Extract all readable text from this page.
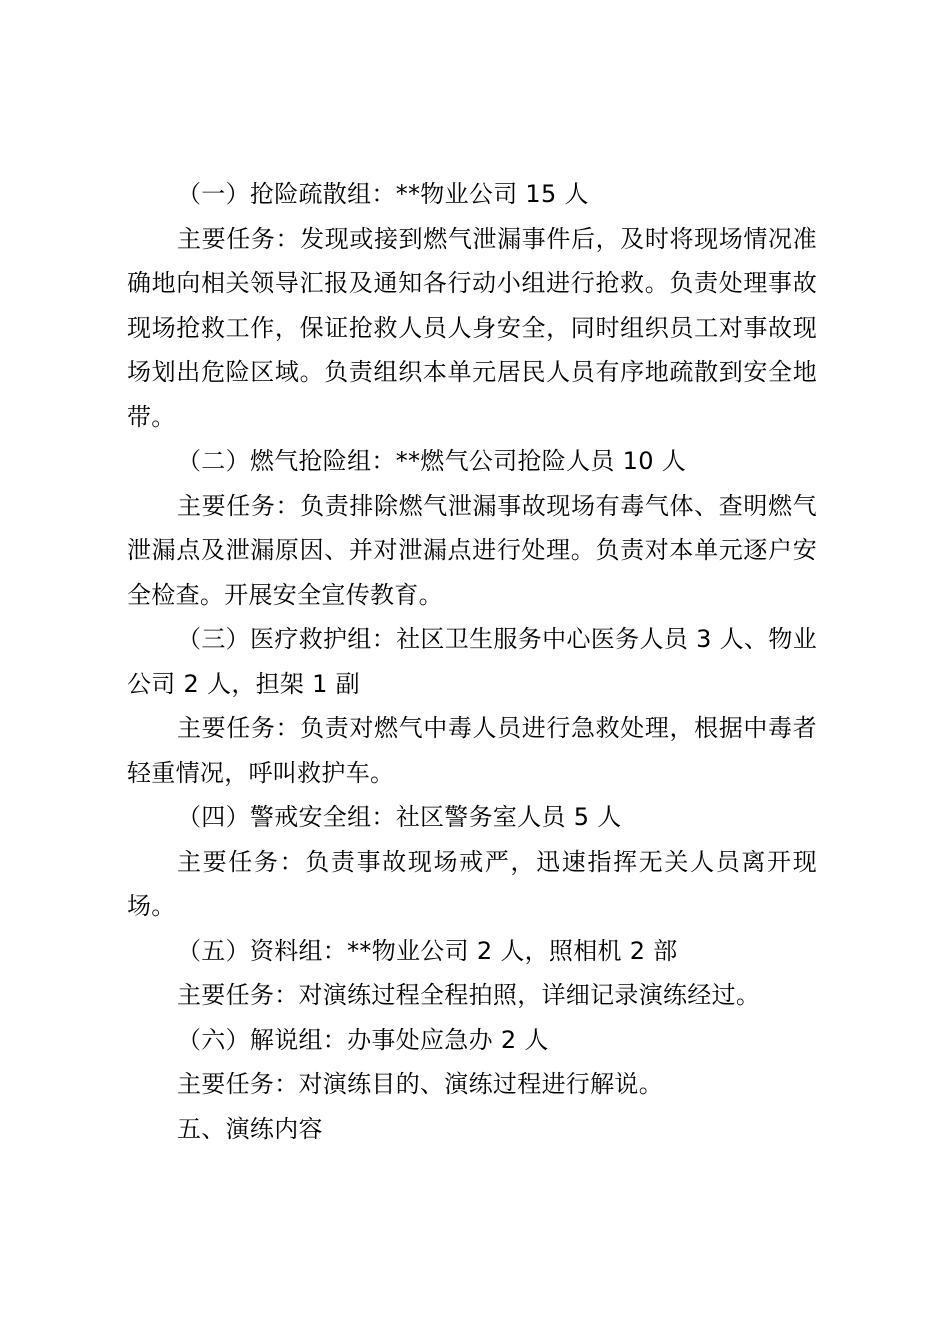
（一）抢险疏散组：**物业公司 15 人

主要任务：发现或接到燃气泄漏事件后，及时将现场情况准确地向相关领导汇报及通知各行动小组进行抢救。负责处理事故现场抢救工作，保证抢救人员人身安全，同时组织员工对事故现场划出危险区域。负责组织本单元居民人员有序地疏散到安全地带。

（二）燃气抢险组：**燃气公司抢险人员 10 人

主要任务：负责排除燃气泄漏事故现场有毒气体、查明燃气泄漏点及泄漏原因、并对泄漏点进行处理。负责对本单元逐户安全检查。开展安全宣传教育。

（三）医疗救护组：社区卫生服务中心医务人员 3 人、物业公司 2 人，担架 1 副

主要任务：负责对燃气中毒人员进行急救处理，根据中毒者轻重情况，呼叫救护车。

（四）警戒安全组：社区警务室人员 5 人

主要任务：负责事故现场戒严，迅速指挥无关人员离开现场。

（五）资料组：**物业公司 2 人，照相机 2 部

主要任务：对演练过程全程拍照，详细记录演练经过。

（六）解说组：办事处应急办 2 人

主要任务：对演练目的、演练过程进行解说。

五、演练内容
